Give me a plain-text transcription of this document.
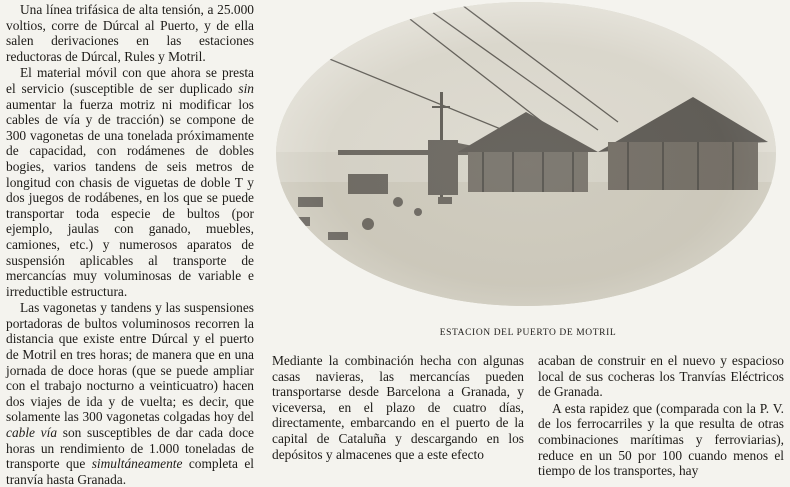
Una línea trifásica de alta tensión, a 25.000 voltios, corre de Dúrcal al Puerto, y de ella salen derivaciones en las estaciones reductoras de Dúrcal, Rules y Motril.

El material móvil con que ahora se presta el servicio (susceptible de ser duplicado sin aumentar la fuerza motriz ni modificar los cables de vía y de tracción) se compone de 300 vagonetas de una tonelada próximamente de capacidad, con rodámenes de dobles bogies, varios tandens de seis metros de longitud con chasis de viguetas de doble T y dos juegos de rodábenes, en los que se puede transportar toda especie de bultos (por ejemplo, jaulas con ganado, muebles, camiones, etc.) y numerosos aparatos de suspensión aplicables al transporte de mercancías muy voluminosas de variable e irreductible estructura.

Las vagonetas y tandens y las suspensiones portadoras de bultos voluminosos recorren la distancia que existe entre Dúrcal y el puerto de Motril en tres horas; de manera que en una jornada de doce horas (que se puede ampliar con el trabajo nocturno a veinticuatro) hacen dos viajes de ida y de vuelta; es decir, que solamente las 300 vagonetas colgadas hoy del cable vía son susceptibles de dar cada doce horas un rendimiento de 1.000 toneladas de transporte que simultáneamente completa el tranvía hasta Granada.

ESTACION DEL PUERTO DE MOTRIL

Mediante la combinación hecha con algunas casas navieras, las mercancías pueden transportarse desde Barcelona a Granada, y viceversa, en el plazo de cuatro días, directamente, embarcando en el puerto de la capital de Cataluña y descargando en los depósitos y almacenes que a este efecto

acaban de construir en el nuevo y espacioso local de sus cocheras los Tranvías Eléctricos de Granada.

A esta rapidez que (comparada con la P. V. de los ferrocarriles y la que resulta de otras combinaciones marítimas y ferroviarias), reduce en un 50 por 100 cuando menos el tiempo de los transportes, hay
